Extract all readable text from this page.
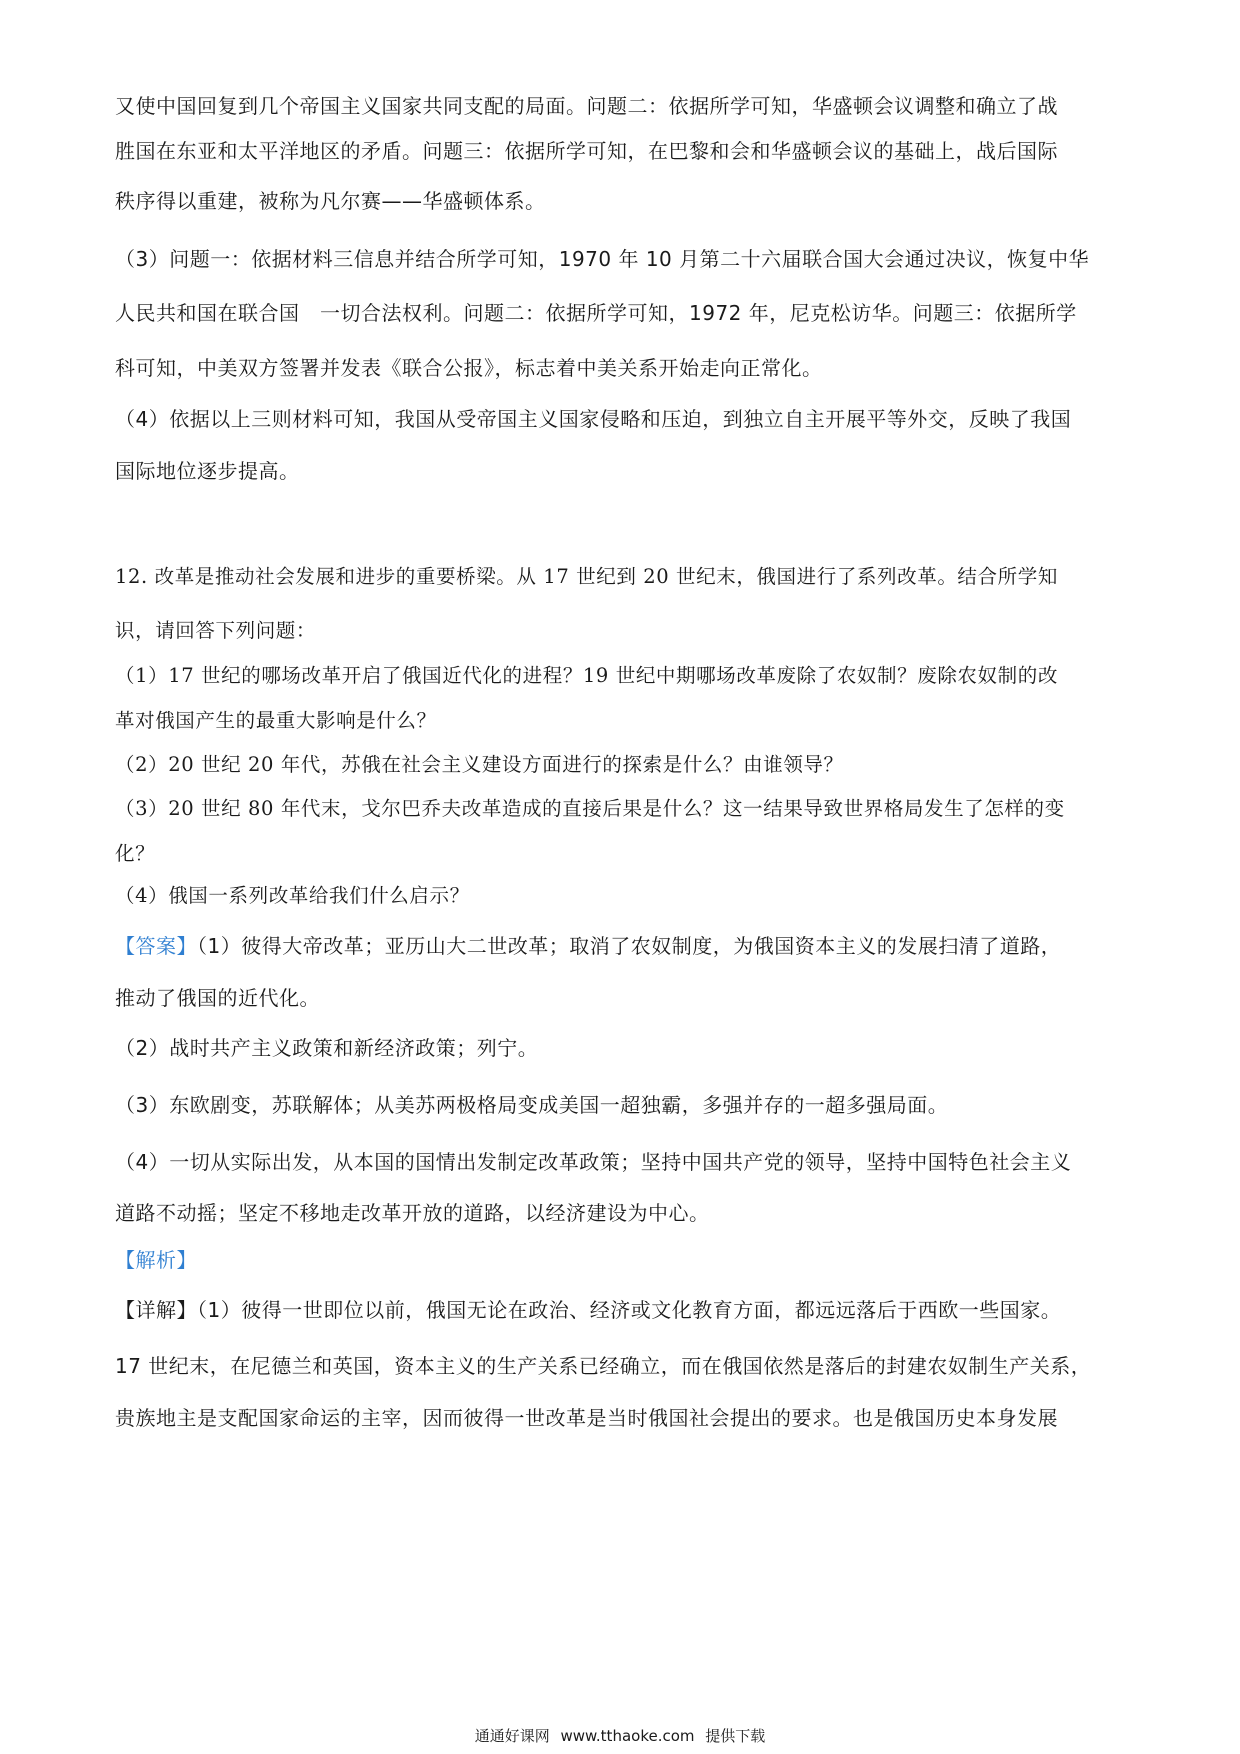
又使中国回复到几个帝国主义国家共同支配的局面。问题二：依据所学可知，华盛顿会议调整和确立了战

胜国在东亚和太平洋地区的矛盾。问题三：依据所学可知，在巴黎和会和华盛顿会议的基础上，战后国际

秩序得以重建，被称为凡尔赛——华盛顿体系。

（3）问题一：依据材料三信息并结合所学可知，1970 年 10 月第二十六届联合国大会通过决议，恢复中华

人民共和国在联合国　一切合法权利。问题二：依据所学可知，1972 年，尼克松访华。问题三：依据所学

科可知，中美双方签署并发表《联合公报》，标志着中美关系开始走向正常化。

（4）依据以上三则材料可知，我国从受帝国主义国家侵略和压迫，到独立自主开展平等外交，反映了我国

国际地位逐步提高。

12. 改革是推动社会发展和进步的重要桥梁。从 17 世纪到 20 世纪末，俄国进行了系列改革。结合所学知

识，请回答下列问题：

（1）17 世纪的哪场改革开启了俄国近代化的进程？19 世纪中期哪场改革废除了农奴制？废除农奴制的改

革对俄国产生的最重大影响是什么？

（2）20 世纪 20 年代，苏俄在社会主义建设方面进行的探索是什么？由谁领导？

（3）20 世纪 80 年代末，戈尔巴乔夫改革造成的直接后果是什么？这一结果导致世界格局发生了怎样的变

化？

（4）俄国一系列改革给我们什么启示？

【答案】（1）彼得大帝改革；亚历山大二世改革；取消了农奴制度，为俄国资本主义的发展扫清了道路，

推动了俄国的近代化。

（2）战时共产主义政策和新经济政策；列宁。

（3）东欧剧变，苏联解体；从美苏两极格局变成美国一超独霸，多强并存的一超多强局面。

（4）一切从实际出发，从本国的国情出发制定改革政策；坚持中国共产党的领导，坚持中国特色社会主义

道路不动摇；坚定不移地走改革开放的道路，以经济建设为中心。

【解析】

【详解】（1）彼得一世即位以前，俄国无论在政治、经济或文化教育方面，都远远落后于西欧一些国家。

17 世纪末，在尼德兰和英国，资本主义的生产关系已经确立，而在俄国依然是落后的封建农奴制生产关系，

贵族地主是支配国家命运的主宰，因而彼得一世改革是当时俄国社会提出的要求。也是俄国历史本身发展

通通好课网 www.tthaoke.com 提供下载
